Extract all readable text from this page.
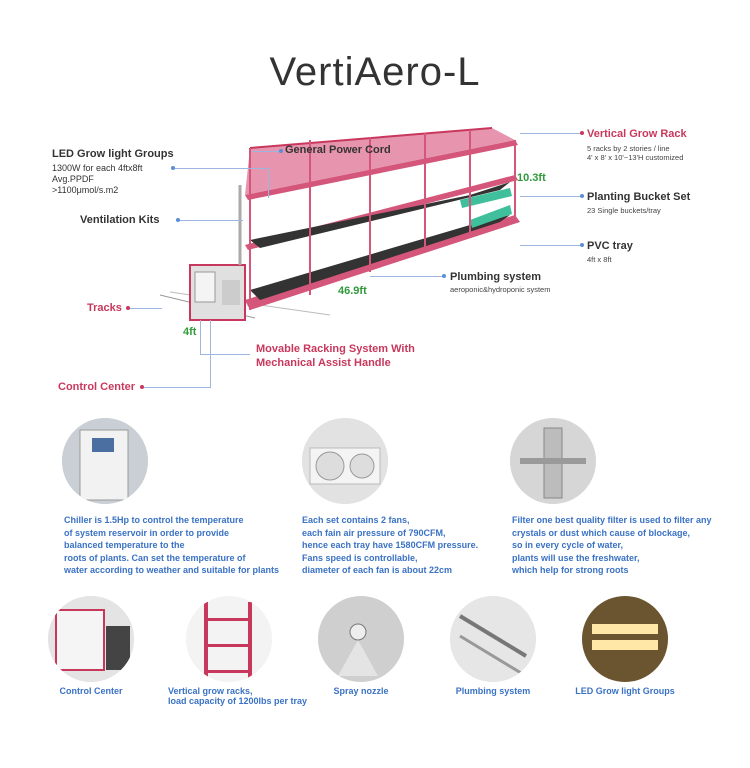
VertiAero-L
LED Grow light Groups
1300W for each 4ftx8ft
Avg.PPDF
>1100μmol/s.m2
General Power Cord
Ventilation Kits
Tracks
4ft
46.9ft
10.3ft
Movable Racking System With
Mechanical Assist Handle
Control Center
Vertical Grow Rack
5 racks by 2 stories / line
4' x 8' x 10'~13'H customized
Planting Bucket Set
23 Single buckets/tray
PVC tray
4ft x 8ft
Plumbing system
aeroponic&hydroponic system
Chiller is 1.5Hp to control the temperature
of system reservoir in order to provide
balanced temperature to the
roots of plants. Can set the temperature of
water according to weather and suitable for plants
Each set contains 2 fans,
each fain air pressure of 790CFM,
hence each tray have 1580CFM pressure.
Fans speed is controllable,
diameter of each fan is about 22cm
Filter one best quality filter is used to filter any
crystals or dust which cause of blockage,
so in every cycle of water,
plants will use the freshwater,
which help for strong roots
Control Center	Vertical grow racks,
load capacity of 1200lbs per tray
Spray nozzle	Plumbing system	LED Grow light Groups
